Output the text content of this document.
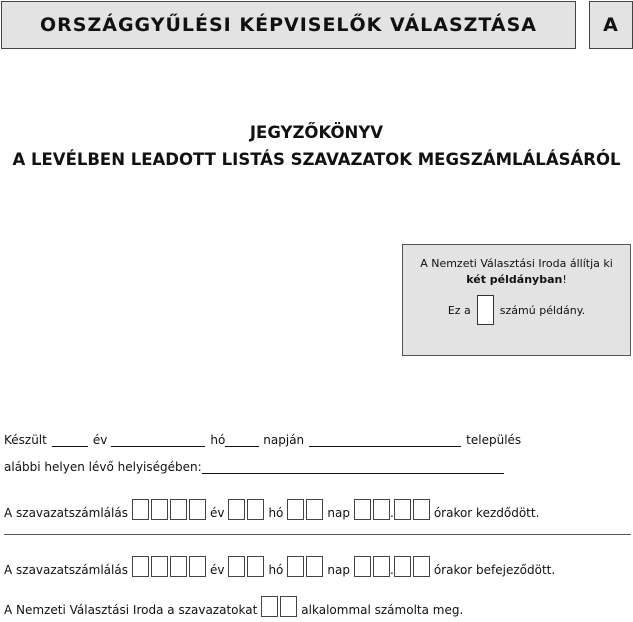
ORSZÁGGYŰLÉSI KÉPVISELŐK VÁLASZTÁSA	A
JEGYZŐKÖNYV
A LEVÉLBEN LEADOTT LISTÁS SZAVAZATOK MEGSZÁMLÁLÁSÁRÓL
A Nemzeti Választási Iroda állítja ki
két példányban!
Ez a	számú példány.
Készült	év	hó	napján	település
alábbi helyen lévő helyiségében:
A szavazatszámlálás	év	hó	nap	.	órakor kezdődött.
A szavazatszámlálás	év	hó	nap	.	órakor befejeződött.
A Nemzeti Választási Iroda a szavazatokat	alkalommal számolta meg.
